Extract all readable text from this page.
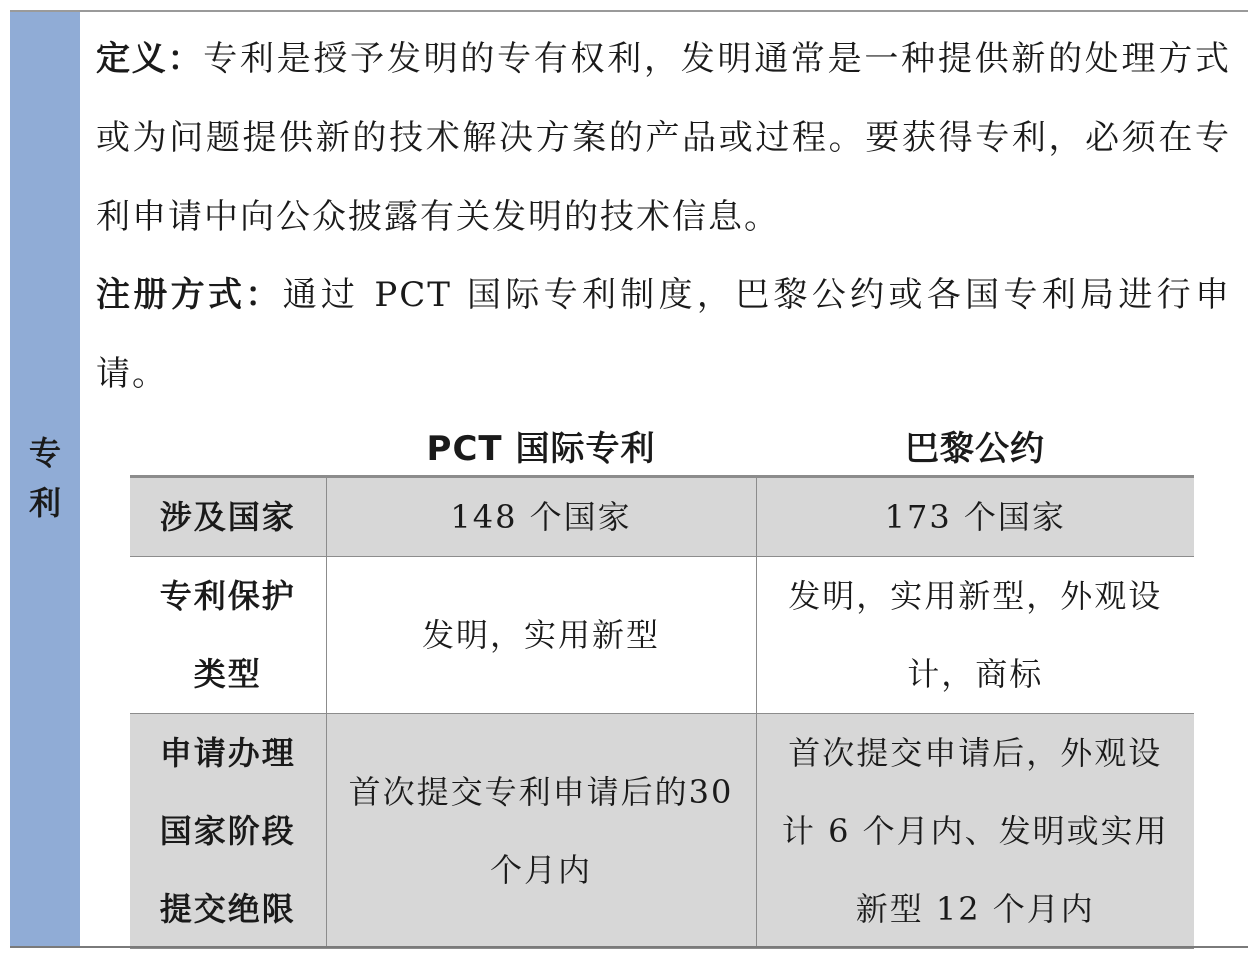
专
利
定义：专利是授予发明的专有权利，发明通常是一种提供新的处理方式或为问题提供新的技术解决方案的产品或过程。要获得专利，必须在专利申请中向公众披露有关发明的技术信息。
注册方式：通过 PCT 国际专利制度，巴黎公约或各国专利局进行申请。
	PCT 国际专利	巴黎公约

涉及国家	148 个国家	173 个国家

专利保护类型	发明，实用新型	发明，实用新型，外观设计，商标

申请办理国家阶段提交绝限	首次提交专利申请后的30个月内	首次提交申请后，外观设计 6 个月内、发明或实用新型 12 个月内
